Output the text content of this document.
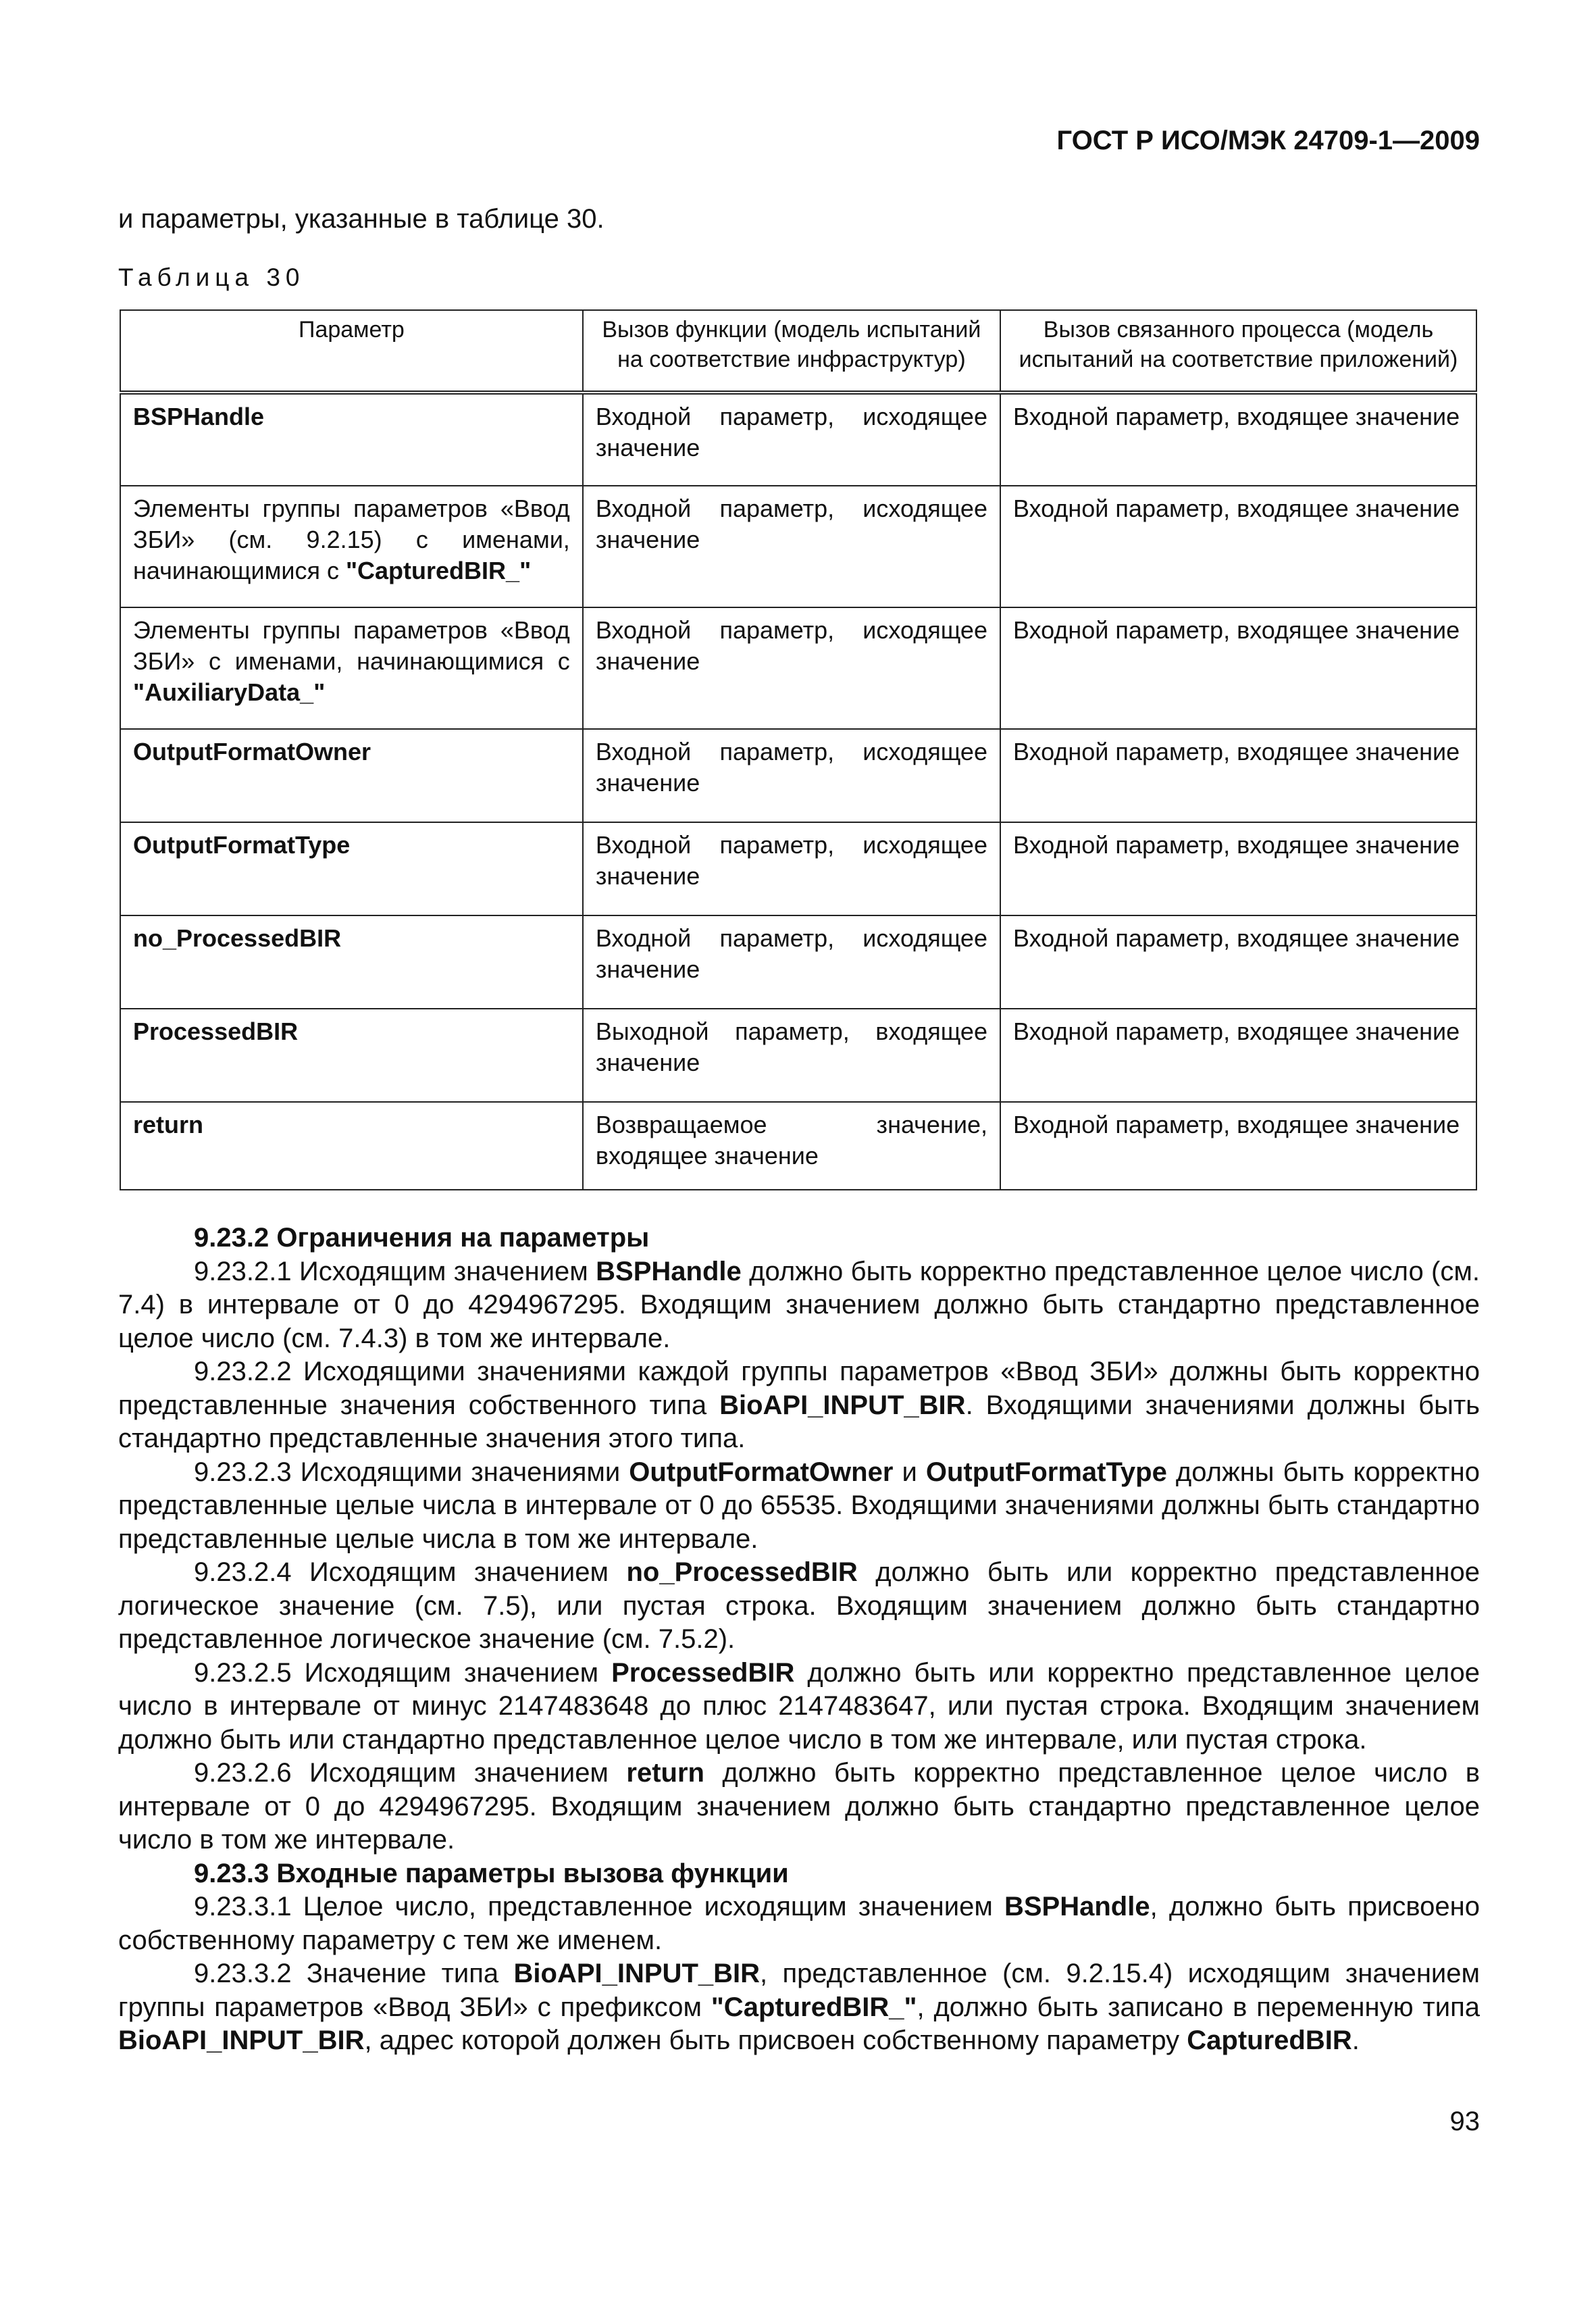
ГОСТ Р ИСО/МЭК 24709-1—2009
и параметры, указанные в таблице 30.
Таблица 30
Параметр	Вызов функции (модель испытаний на соответствие инфраструктур)	Вызов связанного процесса (модель испытаний на соответствие приложений)
BSPHandle	Входной параметр, исходящее значение	Входной параметр, входящее значение
Элементы группы параметров «Ввод ЗБИ» (см. 9.2.15) с именами, начинающимися с "CapturedBIR_"	Входной параметр, исходящее значение	Входной параметр, входящее значение
Элементы группы параметров «Ввод ЗБИ» с именами, начинающимися с "AuxiliaryData_"	Входной параметр, исходящее значение	Входной параметр, входящее значение
OutputFormatOwner	Входной параметр, исходящее значение	Входной параметр, входящее значение
OutputFormatType	Входной параметр, исходящее значение	Входной параметр, входящее значение
no_ProcessedBIR	Входной параметр, исходящее значение	Входной параметр, входящее значение
ProcessedBIR	Выходной параметр, входящее значение	Входной параметр, входящее значение
return	Возвращаемое значение, входящее значение	Входной параметр, входящее значение
9.23.2 Ограничения на параметры

9.23.2.1 Исходящим значением BSPHandle должно быть корректно представленное целое число (см. 7.4) в интервале от 0 до 4294967295. Входящим значением должно быть стандартно представленное целое число (см. 7.4.3) в том же интервале.

9.23.2.2 Исходящими значениями каждой группы параметров «Ввод ЗБИ» должны быть корректно представленные значения собственного типа BioAPI_INPUT_BIR. Входящими значениями должны быть стандартно представленные значения этого типа.

9.23.2.3 Исходящими значениями OutputFormatOwner и OutputFormatType должны быть корректно представленные целые числа в интервале от 0 до 65535. Входящими значениями должны быть стандартно представленные целые числа в том же интервале.

9.23.2.4 Исходящим значением no_ProcessedBIR должно быть или корректно представленное логическое значение (см. 7.5), или пустая строка. Входящим значением должно быть стандартно представленное логическое значение (см. 7.5.2).

9.23.2.5 Исходящим значением ProcessedBIR должно быть или корректно представленное целое число в интервале от минус 2147483648 до плюс 2147483647, или пустая строка. Входящим значением должно быть или стандартно представленное целое число в том же интервале, или пустая строка.

9.23.2.6 Исходящим значением return должно быть корректно представленное целое число в интервале от 0 до 4294967295. Входящим значением должно быть стандартно представленное целое число в том же интервале.

9.23.3 Входные параметры вызова функции

9.23.3.1 Целое число, представленное исходящим значением BSPHandle, должно быть присвоено собственному параметру с тем же именем.

9.23.3.2 Значение типа BioAPI_INPUT_BIR, представленное (см. 9.2.15.4) исходящим значением группы параметров «Ввод ЗБИ» с префиксом "CapturedBIR_", должно быть записано в переменную типа BioAPI_INPUT_BIR, адрес которой должен быть присвоен собственному параметру CapturedBIR.

93
